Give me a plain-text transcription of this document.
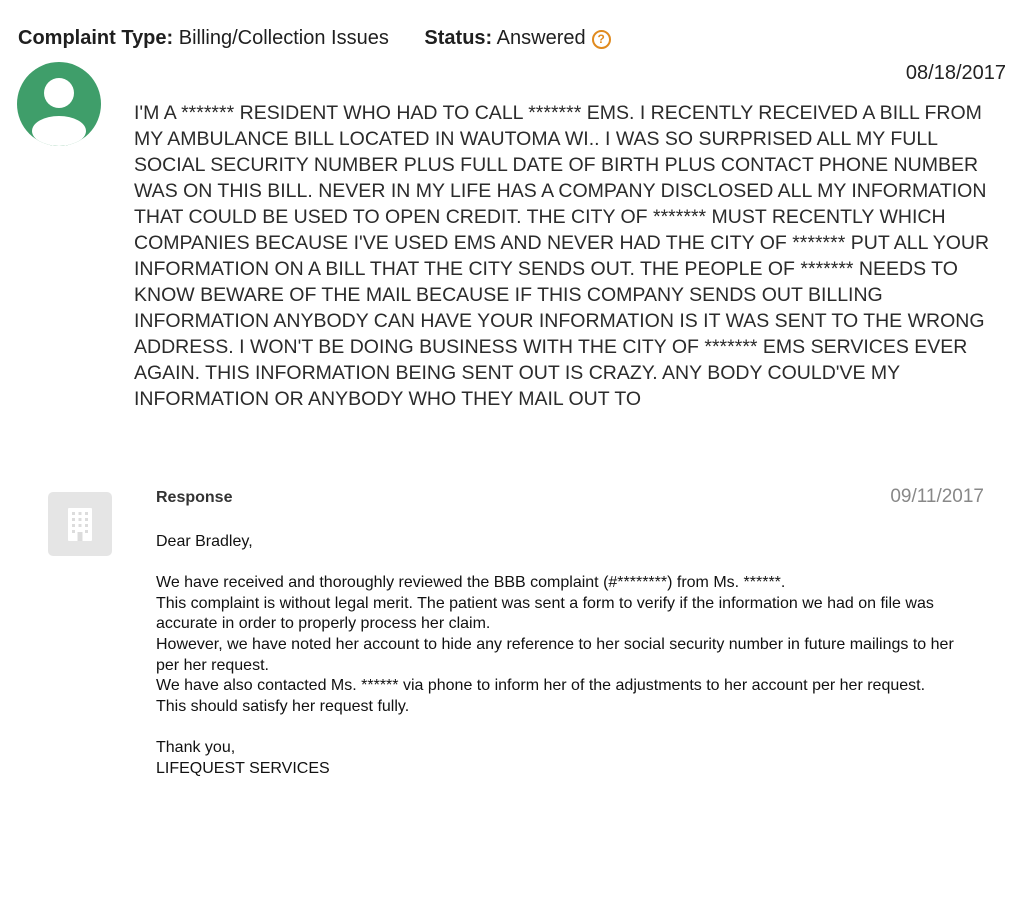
Complaint Type: Billing/Collection Issues Status: Answered ?
08/18/2017

I'M A ******* RESIDENT WHO HAD TO CALL ******* EMS. I RECENTLY RECEIVED A BILL FROM MY AMBULANCE BILL LOCATED IN WAUTOMA WI.. I WAS SO SURPRISED ALL MY FULL SOCIAL SECURITY NUMBER PLUS FULL DATE OF BIRTH PLUS CONTACT PHONE NUMBER WAS ON THIS BILL. NEVER IN MY LIFE HAS A COMPANY DISCLOSED ALL MY INFORMATION THAT COULD BE USED TO OPEN CREDIT. THE CITY OF ******* MUST RECENTLY WHICH COMPANIES BECAUSE I'VE USED EMS AND NEVER HAD THE CITY OF ******* PUT ALL YOUR INFORMATION ON A BILL THAT THE CITY SENDS OUT. THE PEOPLE OF ******* NEEDS TO KNOW BEWARE OF THE MAIL BECAUSE IF THIS COMPANY SENDS OUT BILLING INFORMATION ANYBODY CAN HAVE YOUR INFORMATION IS IT WAS SENT TO THE WRONG ADDRESS. I WON'T BE DOING BUSINESS WITH THE CITY OF ******* EMS SERVICES EVER AGAIN. THIS INFORMATION BEING SENT OUT IS CRAZY. ANY BODY COULD'VE MY INFORMATION OR ANYBODY WHO THEY MAIL OUT TO

Response	09/11/2017

Dear Bradley,

We have received and thoroughly reviewed the BBB complaint (#********) from Ms. ******.
This complaint is without legal merit. The patient was sent a form to verify if the information we had on file was accurate in order to properly process her claim.
However, we have noted her account to hide any reference to her social security number in future mailings to her per her request.
We have also contacted Ms. ****** via phone to inform her of the adjustments to her account per her request.
This should satisfy her request fully.

Thank you,
LIFEQUEST SERVICES
